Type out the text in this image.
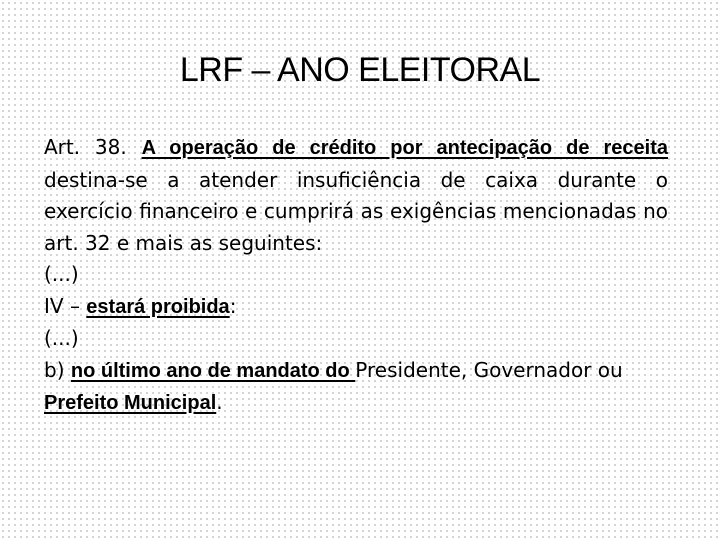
LRF – ANO ELEITORAL

Art. 38. A operação de crédito por antecipação de receita destina-se a atender insuficiência de caixa durante o exercício financeiro e cumprirá as exigências mencionadas no art. 32 e mais as seguintes:

(...)

IV – estará proibida:

(...)

b) no último ano de mandato do Presidente, Governador ou Prefeito Municipal.
